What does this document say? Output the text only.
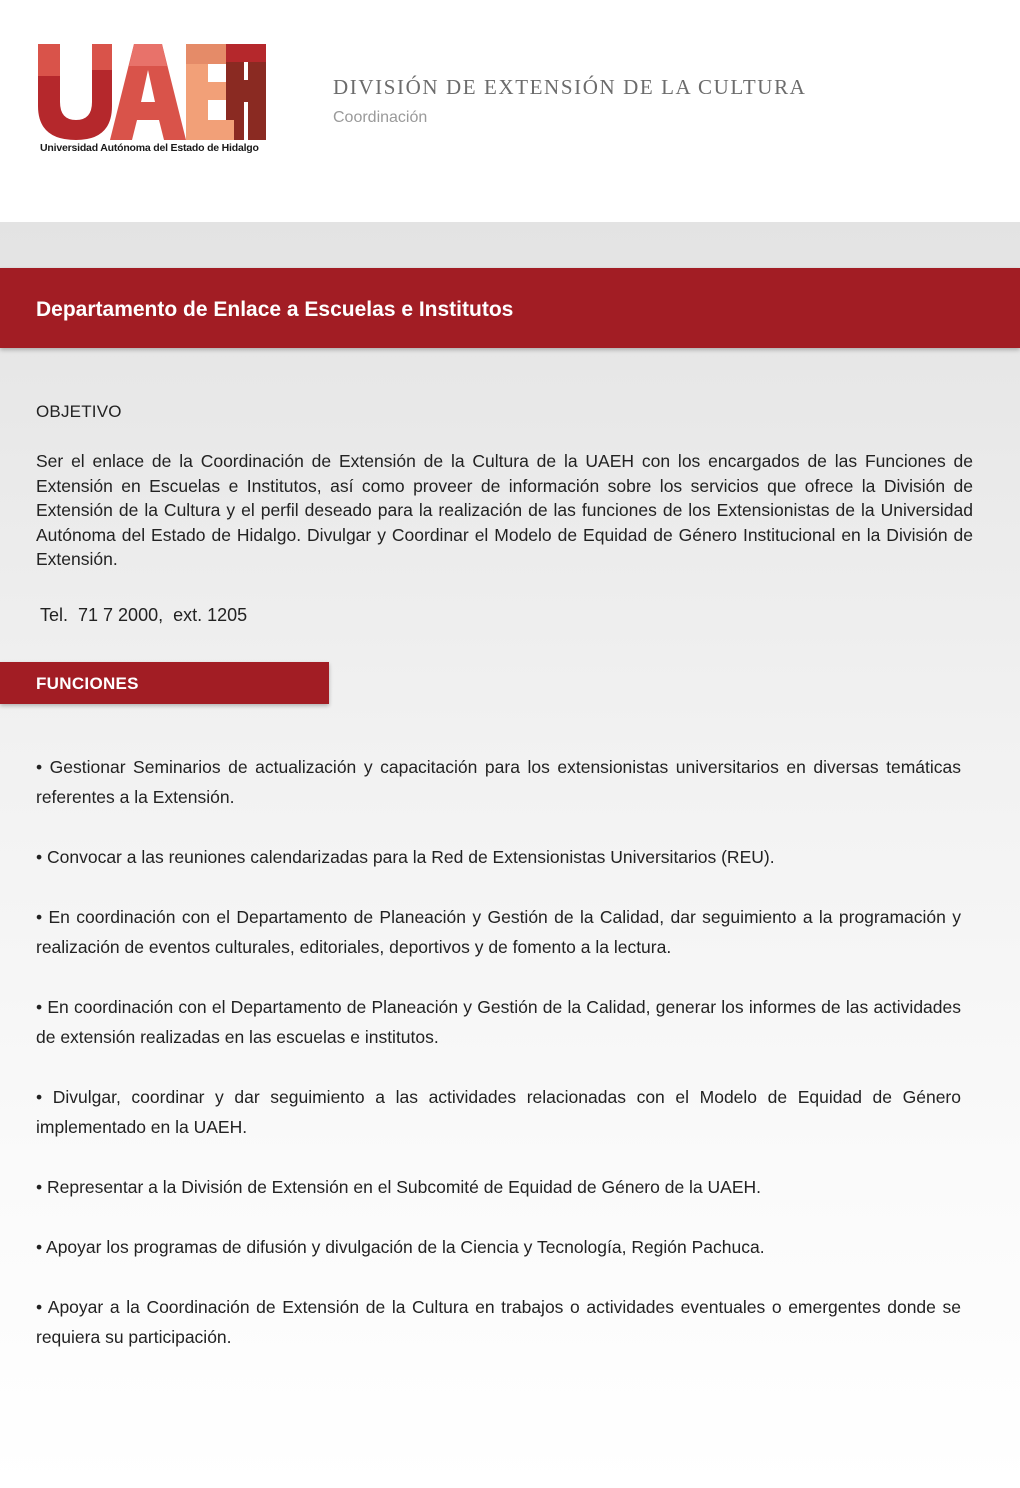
Universidad Autónoma del Estado de Hidalgo
DIVISIÓN DE EXTENSIÓN DE LA CULTURA
Coordinación
Departamento de Enlace a Escuelas e Institutos
OBJETIVO

Ser el enlace de la Coordinación de Extensión de la Cultura de la UAEH con los encargados de las Funciones de Extensión en Escuelas e Institutos, así como proveer de información sobre los servicios que ofrece la División de Extensión de la Cultura y el perfil deseado para la realización de las funciones de los Extensionistas de la Universidad Autónoma del Estado de Hidalgo. Divulgar y Coordinar el Modelo de Equidad de Género Institucional en la División de Extensión.

Tel.  71 7 2000,  ext. 1205
FUNCIONES
• Gestionar Seminarios de actualización y capacitación para los extensionistas universitarios en diversas temáticas referentes a la Extensión.
• Convocar a las reuniones calendarizadas para la Red de Extensionistas Universitarios (REU).
• En coordinación con el Departamento de Planeación y Gestión de la Calidad, dar seguimiento a la programación y realización de eventos culturales, editoriales, deportivos y de fomento a la lectura.
• En coordinación con el Departamento de Planeación y Gestión de la Calidad, generar los informes de las actividades de extensión realizadas en las escuelas e institutos.
• Divulgar, coordinar y dar seguimiento a las actividades relacionadas con el Modelo de Equidad de Género implementado en la UAEH.
• Representar a la División de Extensión en el Subcomité de Equidad de Género de la UAEH.
• Apoyar los programas de difusión y divulgación de la Ciencia y Tecnología, Región Pachuca.
• Apoyar a la Coordinación de Extensión de la Cultura en trabajos o actividades eventuales o emergentes donde se requiera su participación.
